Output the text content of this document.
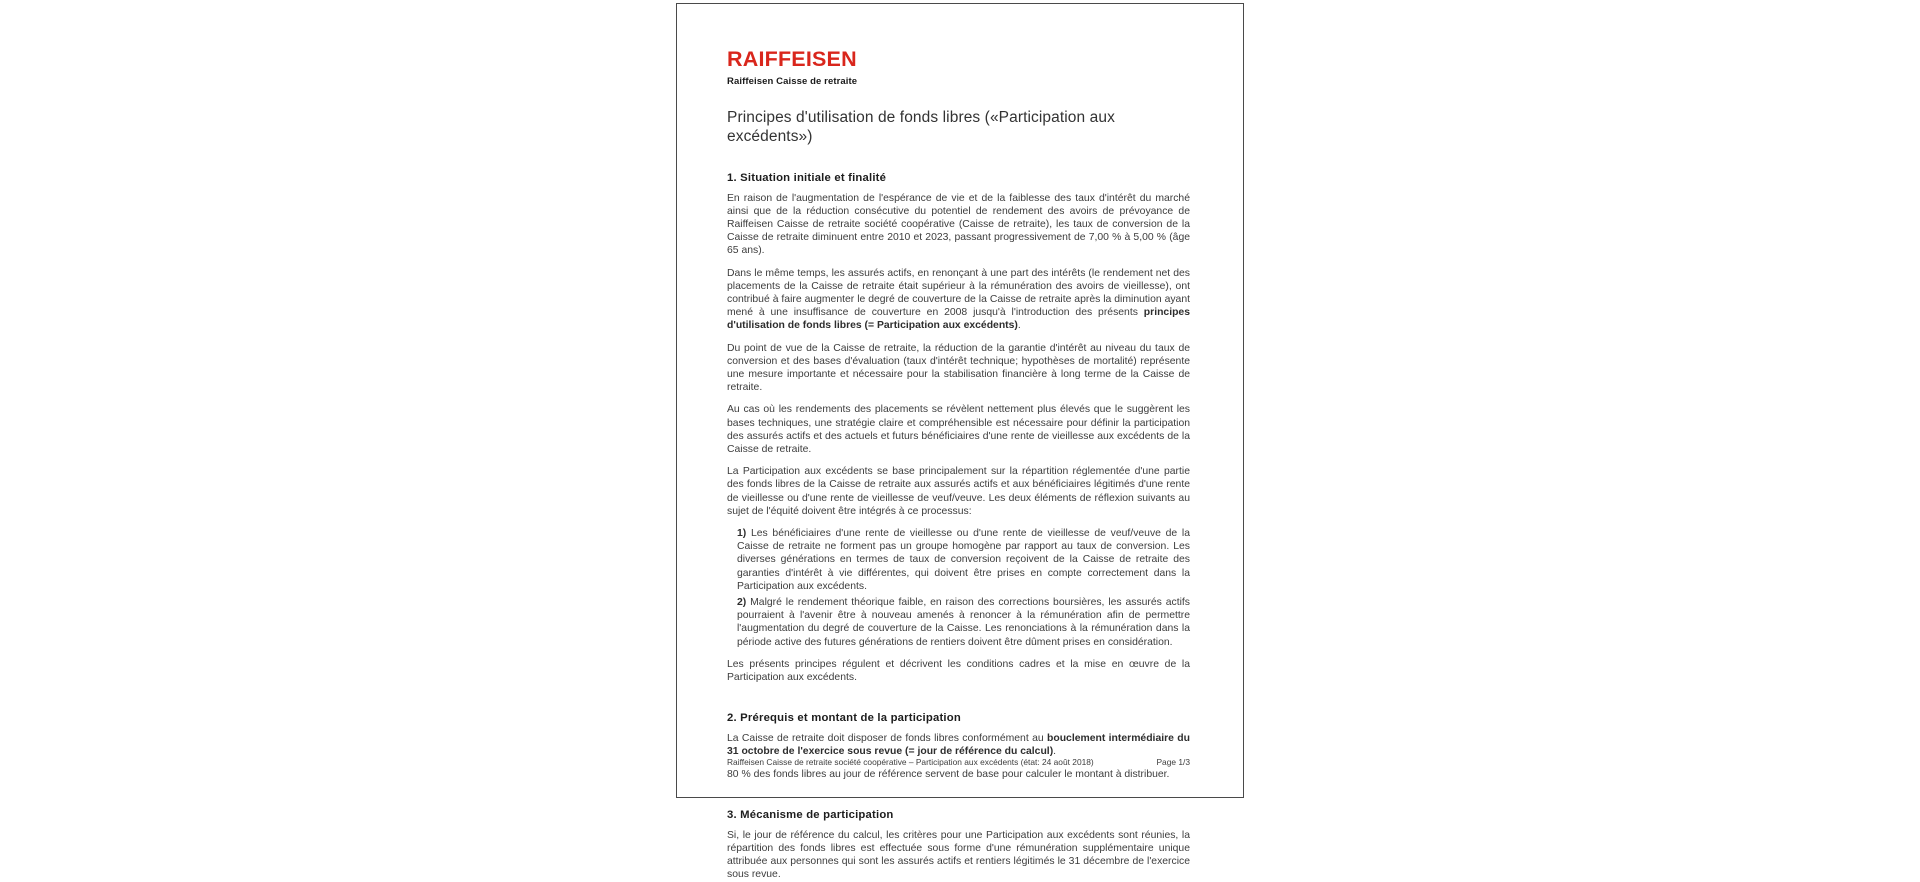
RAIFFEISEN
Raiffeisen Caisse de retraite
Principes d'utilisation de fonds libres («Participation aux excédents»)
1. Situation initiale et finalité

En raison de l'augmentation de l'espérance de vie et de la faiblesse des taux d'intérêt du marché ainsi que de la réduction consécutive du potentiel de rendement des avoirs de prévoyance de Raiffeisen Caisse de retraite société coopérative (Caisse de retraite), les taux de conversion de la Caisse de retraite diminuent entre 2010 et 2023, passant progressivement de 7,00 % à 5,00 % (âge 65 ans).

Dans le même temps, les assurés actifs, en renonçant à une part des intérêts (le rendement net des placements de la Caisse de retraite était supérieur à la rémunération des avoirs de vieillesse), ont contribué à faire augmenter le degré de couverture de la Caisse de retraite après la diminution ayant mené à une insuffisance de couverture en 2008 jusqu'à l'introduction des présents principes d'utilisation de fonds libres (= Participation aux excédents).

Du point de vue de la Caisse de retraite, la réduction de la garantie d'intérêt au niveau du taux de conversion et des bases d'évaluation (taux d'intérêt technique; hypothèses de mortalité) représente une mesure importante et nécessaire pour la stabilisation financière à long terme de la Caisse de retraite.

Au cas où les rendements des placements se révèlent nettement plus élevés que le suggèrent les bases techniques, une stratégie claire et compréhensible est nécessaire pour définir la participation des assurés actifs et des actuels et futurs bénéficiaires d'une rente de vieillesse aux excédents de la Caisse de retraite.

La Participation aux excédents se base principalement sur la répartition réglementée d'une partie des fonds libres de la Caisse de retraite aux assurés actifs et aux bénéficiaires légitimés d'une rente de vieillesse ou d'une rente de vieillesse de veuf/veuve. Les deux éléments de réflexion suivants au sujet de l'équité doivent être intégrés à ce processus:

1) Les bénéficiaires d'une rente de vieillesse ou d'une rente de vieillesse de veuf/veuve de la Caisse de retraite ne forment pas un groupe homogène par rapport au taux de conversion. Les diverses générations en termes de taux de conversion reçoivent de la Caisse de retraite des garanties d'intérêt à vie différentes, qui doivent être prises en compte correctement dans la Participation aux excédents.

2) Malgré le rendement théorique faible, en raison des corrections boursières, les assurés actifs pourraient à l'avenir être à nouveau amenés à renoncer à la rémunération afin de permettre l'augmentation du degré de couverture de la Caisse. Les renonciations à la rémunération dans la période active des futures générations de rentiers doivent être dûment prises en considération.

Les présents principes régulent et décrivent les conditions cadres et la mise en œuvre de la Participation aux excédents.

2. Prérequis et montant de la participation

La Caisse de retraite doit disposer de fonds libres conformément au bouclement intermédiaire du 31 octobre de l'exercice sous revue (= jour de référence du calcul).

80 % des fonds libres au jour de référence servent de base pour calculer le montant à distribuer.

3. Mécanisme de participation

Si, le jour de référence du calcul, les critères pour une Participation aux excédents sont réunies, la répartition des fonds libres est effectuée sous forme d'une rémunération supplémentaire unique attribuée aux personnes qui sont les assurés actifs et rentiers légitimés le 31 décembre de l'exercice sous revue.

Raiffeisen Caisse de retraite société coopérative – Participation aux excédents (état: 24 août 2018)	Page 1/3
